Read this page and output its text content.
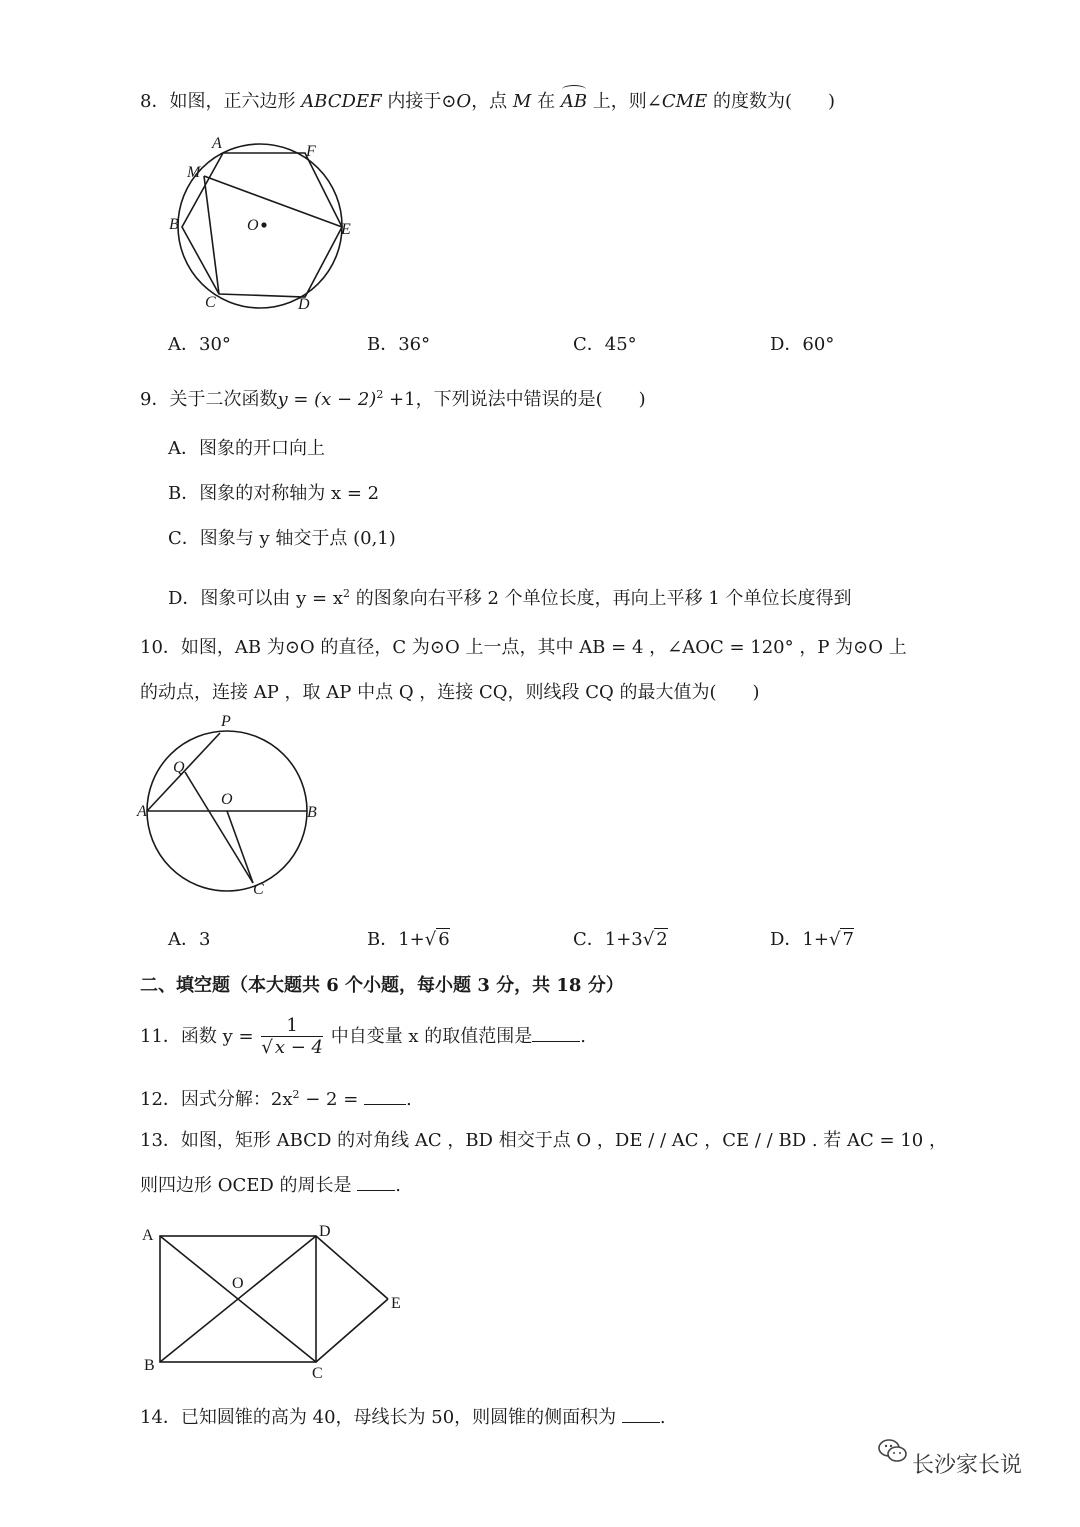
8．如图，正六边形 ABCDEF 内接于⊙O，点 M 在 AB 上，则∠CME 的度数为(　　)
A	F
M
B	O	E
C	D
A．30°	B．36°	C．45°	D．60°
9．关于二次函数$y = (x - 2)^2 +1$，下列说法中错误的是(　　)
A．图象的开口向上
B．图象的对称轴为 x = 2
C．图象与 y 轴交于点 (0,1)
D．图象可以由 $y = x^2$ 的图象向右平移 2 个单位长度，再向上平移 1 个单位长度得到
10．如图，AB 为⊙O 的直径，C 为⊙O 上一点，其中 AB = 4 ，∠AOC = 120° ，P 为⊙O 上
的动点，连接 AP ，取 AP 中点 Q ，连接 CQ，则线段 CQ 的最大值为(　　)
P
Q
O
A	B
C
A．3	B．1+√ 6	C．1+3√ 2	D．1+√ 7
二、填空题（本大题共 6 个小题，每小题 3 分，共 18 分）
11．函数 $y = \frac{1}{√ x - 4}$ 中自变量 x 的取值范围是	.
12．因式分解：$2x^2 - 2$ =	.
13．如图，矩形 ABCD 的对角线 AC ，BD 相交于点 O ，DE / / AC ，CE / / BD . 若 AC = 10 ，
则四边形 OCED 的周长是 .
A	D
O
E
B	C
14．已知圆锥的高为 40，母线长为 50，则圆锥的侧面积为 .
长沙家长说
